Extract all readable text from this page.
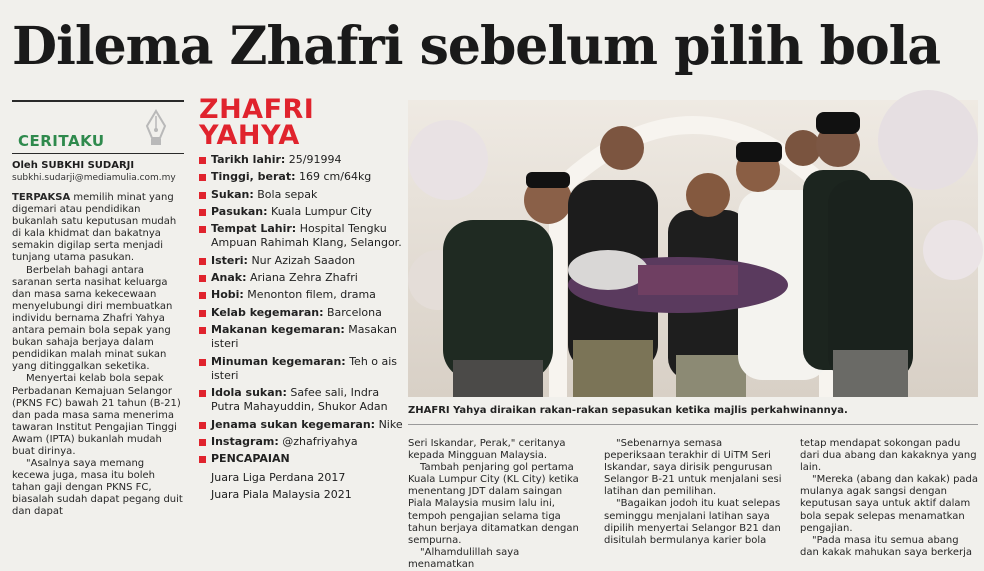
Dilema Zhafri sebelum pilih bola
CERITAKU
Oleh SUBKHI SUDARJI
subkhi.sudarji@mediamulia.com.my

TERPAKSA memilih minat yang digemari atau pendidikan bukanlah satu keputusan mudah di kala khidmat dan bakatnya semakin digilap serta menjadi tunjang utama pasukan.

Berbelah bahagi antara saranan serta nasihat keluarga dan masa sama kekecewaan menyelubungi diri membuatkan individu bernama Zhafri Yahya antara pemain bola sepak yang bukan sahaja berjaya dalam pendidikan malah minat sukan yang ditinggalkan seketika.

Menyertai kelab bola sepak Perbadanan Kemajuan Selangor (PKNS FC) bawah 21 tahun (B-21) dan pada masa sama menerima tawaran Institut Pengajian Tinggi Awam (IPTA) bukanlah mudah buat dirinya.

"Asalnya saya memang kecewa juga, masa itu boleh tahan gaji dengan PKNS FC, biasalah sudah dapat pegang duit dan dapat

ZHAFRI
YAHYA
Tarikh lahir: 25/91994
Tinggi, berat: 169 cm/64kg
Sukan: Bola sepak
Pasukan: Kuala Lumpur City
Tempat Lahir: Hospital Tengku Ampuan Rahimah Klang, Selangor.
Isteri: Nur Azizah Saadon
Anak: Ariana Zehra Zhafri
Hobi: Menonton filem, drama
Kelab kegemaran: Barcelona
Makanan kegemaran: Masakan isteri
Minuman kegemaran: Teh o ais isteri
Idola sukan: Safee sali, Indra Putra Mahayuddin, Shukor Adan
Jenama sukan kegemaran: Nike
Instagram: @zhafriyahya
PENCAPAIAN
Juara Liga Perdana 2017
Juara Piala Malaysia 2021
ZHAFRI Yahya diraikan rakan-rakan sepasukan ketika majlis perkahwinannya.

Seri Iskandar, Perak," ceritanya kepada Mingguan Malaysia.

Tambah penjaring gol pertama Kuala Lumpur City (KL City) ketika menentang JDT dalam saingan Piala Malaysia musim lalu ini, tempoh pengajian selama tiga tahun berjaya ditamatkan dengan sempurna.

"Alhamdulillah saya menamatkan

"Sebenarnya semasa peperiksaan terakhir di UiTM Seri Iskandar, saya dirisik pengurusan Selangor B-21 untuk menjalani sesi latihan dan pemilihan.

"Bagaikan jodoh itu kuat selepas seminggu menjalani latihan saya dipilih menyertai Selangor B21 dan disitulah bermulanya karier bola

tetap mendapat sokongan padu dari dua abang dan kakaknya yang lain.

"Mereka (abang dan kakak) pada mulanya agak sangsi dengan keputusan saya untuk aktif dalam bola sepak selepas menamatkan pengajian.

"Pada masa itu semua abang dan kakak mahukan saya berkerja
